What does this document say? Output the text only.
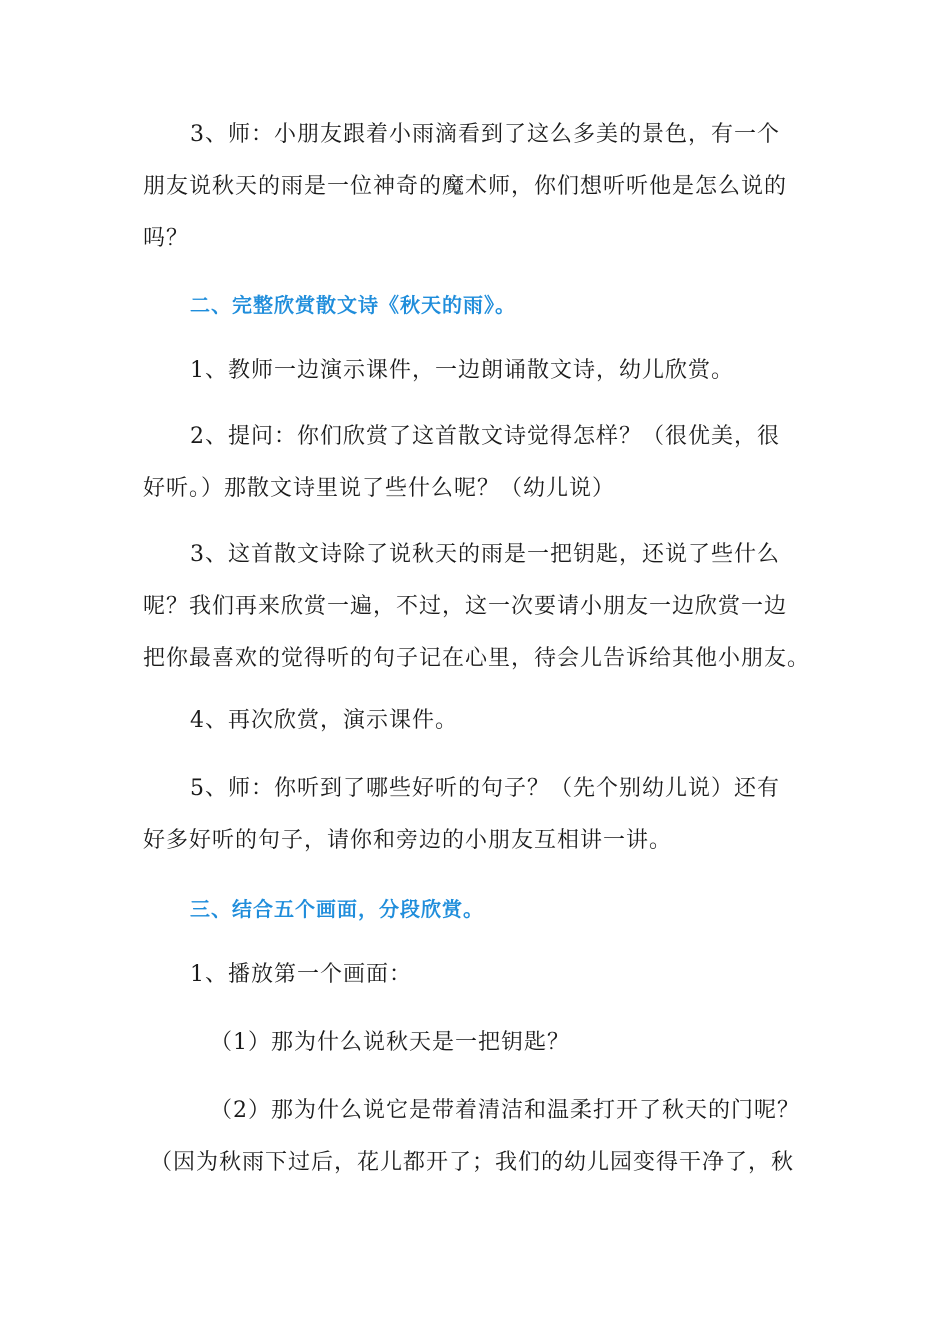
3、师：小朋友跟着小雨滴看到了这么多美的景色，有一个
朋友说秋天的雨是一位神奇的魔术师，你们想听听他是怎么说的
吗？
二、完整欣赏散文诗《秋天的雨》。
1、教师一边演示课件，一边朗诵散文诗，幼儿欣赏。
2、提问：你们欣赏了这首散文诗觉得怎样？（很优美，很
好听。）那散文诗里说了些什么呢？（幼儿说）
3、这首散文诗除了说秋天的雨是一把钥匙，还说了些什么
呢？我们再来欣赏一遍，不过，这一次要请小朋友一边欣赏一边
把你最喜欢的觉得听的句子记在心里，待会儿告诉给其他小朋友。
4、再次欣赏，演示课件。
5、师：你听到了哪些好听的句子？（先个别幼儿说）还有
好多好听的句子，请你和旁边的小朋友互相讲一讲。
三、结合五个画面，分段欣赏。
1、播放第一个画面：
（1）那为什么说秋天是一把钥匙？
（2）那为什么说它是带着清洁和温柔打开了秋天的门呢？
（因为秋雨下过后，花儿都开了；我们的幼儿园变得干净了，秋
